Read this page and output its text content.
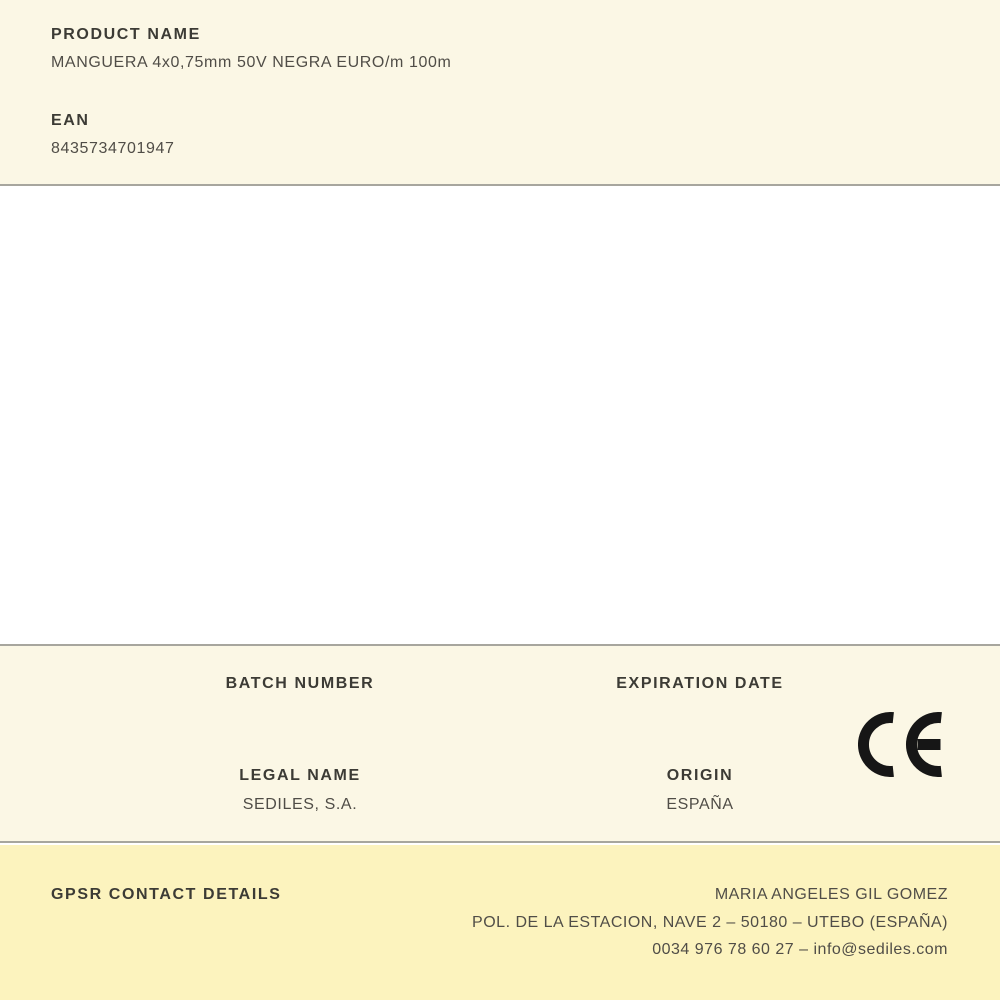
PRODUCT NAME
MANGUERA 4x0,75mm 50V NEGRA EURO/m 100m
EAN
8435734701947
BATCH NUMBER	EXPIRATION DATE
LEGAL NAME
SEDILES, S.A.
ORIGIN
ESPAÑA
GPSR CONTACT DETAILS	MARIA ANGELES GIL GOMEZ
POL. DE LA ESTACION, NAVE 2 – 50180 – UTEBO (ESPAÑA)
0034 976 78 60 27 – info@sediles.com
